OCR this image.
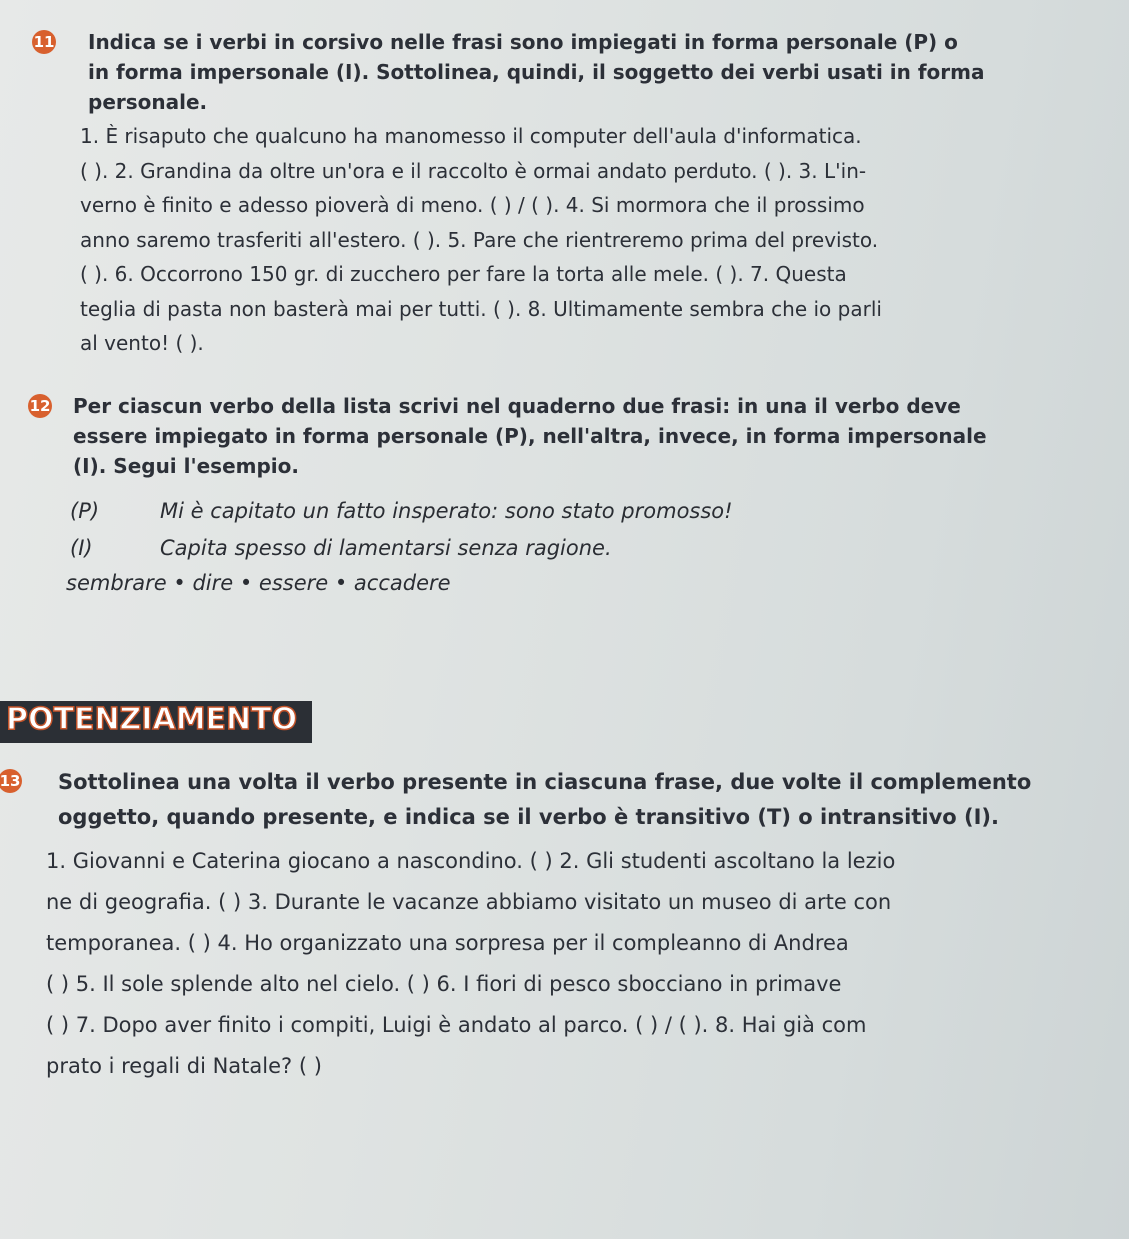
11 Indica se i verbi in corsivo nelle frasi sono impiegati in forma personale (P) o

in forma impersonale (I). Sottolinea, quindi, il soggetto dei verbi usati in forma

personale.

1. È risaputo che qualcuno ha manomesso il computer dell'aula d'informatica.

( ). 2. Grandina da oltre un'ora e il raccolto è ormai andato perduto. ( ). 3. L'in-

verno è finito e adesso pioverà di meno. ( ) / ( ). 4. Si mormora che il prossimo

anno saremo trasferiti all'estero. ( ). 5. Pare che rientreremo prima del previsto.

( ). 6. Occorrono 150 gr. di zucchero per fare la torta alle mele. ( ). 7. Questa

teglia di pasta non basterà mai per tutti. ( ). 8. Ultimamente sembra che io parli

al vento! ( ).

12 Per ciascun verbo della lista scrivi nel quaderno due frasi: in una il verbo deve

essere impiegato in forma personale (P), nell'altra, invece, in forma impersonale

(I). Segui l'esempio.

(P)	Mi è capitato un fatto insperato: sono stato promosso!

(I)	Capita spesso di lamentarsi senza ragione.

sembrare • dire • essere • accadere

POTENZIAMENTO
13 Sottolinea una volta il verbo presente in ciascuna frase, due volte il complemento

oggetto, quando presente, e indica se il verbo è transitivo (T) o intransitivo (I).

1. Giovanni e Caterina giocano a nascondino. ( ) 2. Gli studenti ascoltano la lezio

ne di geografia. ( ) 3. Durante le vacanze abbiamo visitato un museo di arte con

temporanea. ( ) 4. Ho organizzato una sorpresa per il compleanno di Andrea

( ) 5. Il sole splende alto nel cielo. ( ) 6. I fiori di pesco sbocciano in primave

( ) 7. Dopo aver finito i compiti, Luigi è andato al parco. ( ) / ( ). 8. Hai già com

prato i regali di Natale? ( )
